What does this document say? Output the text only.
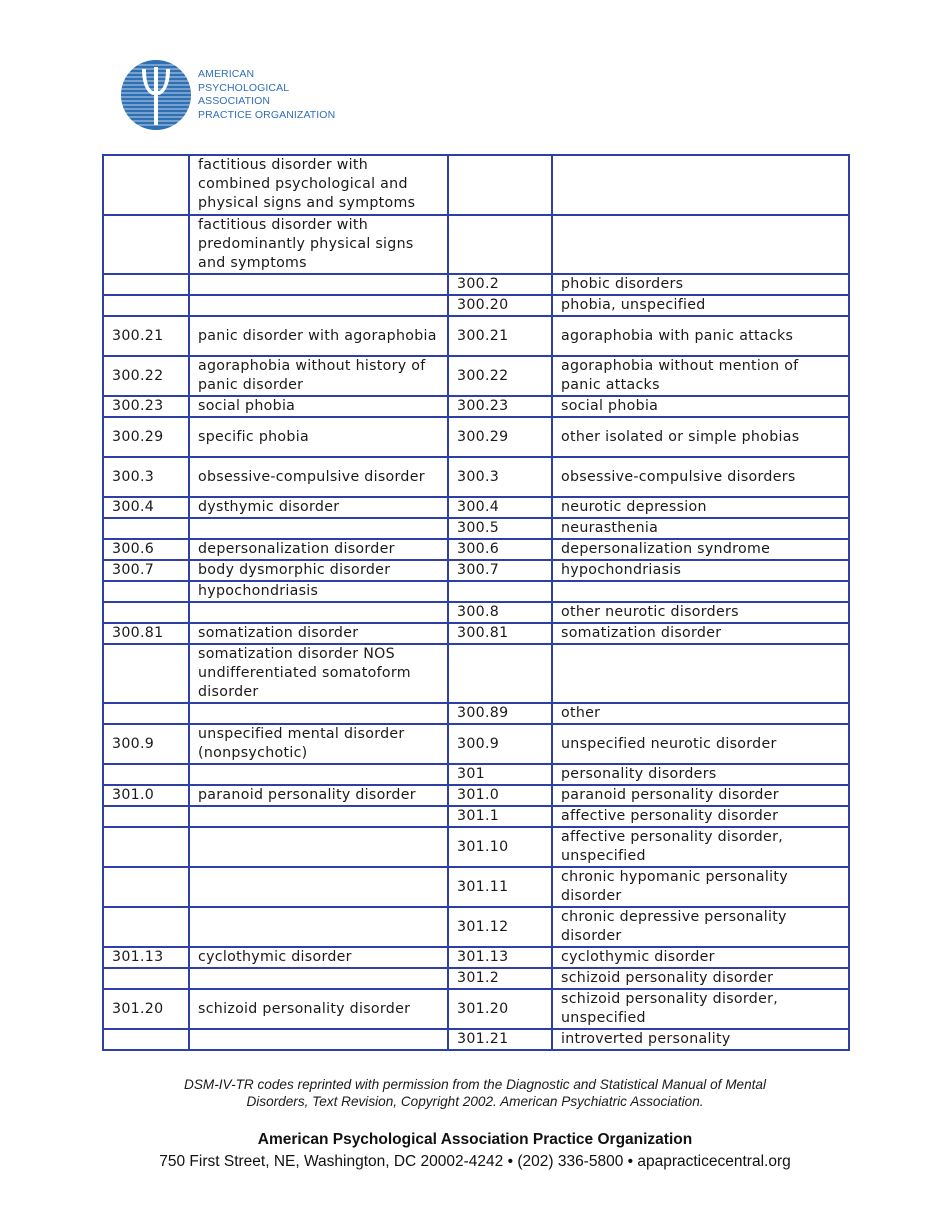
AMERICAN
PSYCHOLOGICAL
ASSOCIATION
PRACTICE ORGANIZATION
	factitious disorder with combined psychological and physical signs and symptoms		
	factitious disorder with predominantly physical signs and symptoms		
		300.2	phobic disorders
		300.20	phobia, unspecified
300.21	panic disorder with agoraphobia	300.21	agoraphobia with panic attacks
300.22	agoraphobia without history of panic disorder	300.22	agoraphobia without mention of panic attacks
300.23	social phobia	300.23	social phobia
300.29	specific phobia	300.29	other isolated or simple phobias
300.3	obsessive-compulsive disorder	300.3	obsessive-compulsive disorders
300.4	dysthymic disorder	300.4	neurotic depression
		300.5	neurasthenia
300.6	depersonalization disorder	300.6	depersonalization syndrome
300.7	body dysmorphic disorder	300.7	hypochondriasis
	hypochondriasis		
		300.8	other neurotic disorders
300.81	somatization disorder	300.81	somatization disorder
	somatization disorder NOS undifferentiated somatoform disorder		
		300.89	other
300.9	unspecified mental disorder (nonpsychotic)	300.9	unspecified neurotic disorder
		301	personality disorders
301.0	paranoid personality disorder	301.0	paranoid personality disorder
		301.1	affective personality disorder
		301.10	affective personality disorder, unspecified
		301.11	chronic hypomanic personality disorder
		301.12	chronic depressive personality disorder
301.13	cyclothymic disorder	301.13	cyclothymic disorder
		301.2	schizoid personality disorder
301.20	schizoid personality disorder	301.20	schizoid personality disorder, unspecified
		301.21	introverted personality
DSM-IV-TR codes reprinted with permission from the Diagnostic and Statistical Manual of Mental
Disorders, Text Revision, Copyright 2002. American Psychiatric Association.
American Psychological Association Practice Organization
750 First Street, NE, Washington, DC 20002-4242 • (202) 336-5800 • apapracticecentral.org
